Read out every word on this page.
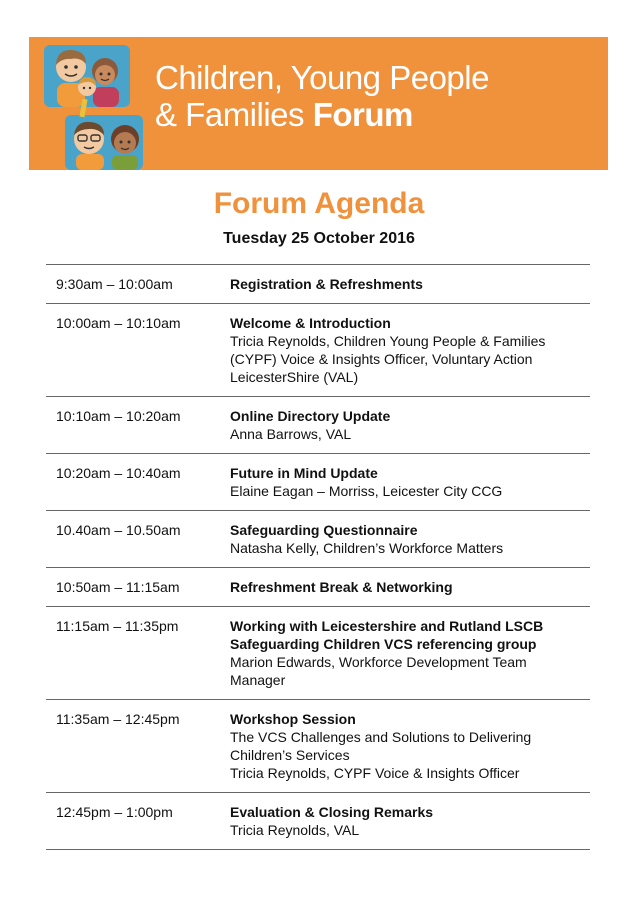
Children, Young People
& Families Forum
Forum Agenda
Tuesday 25 October 2016
9:30am – 10:00am	Registration & Refreshments
10:00am – 10:10am	Welcome & Introduction
Tricia Reynolds, Children Young People & Families
(CYPF) Voice & Insights Officer, Voluntary Action
LeicesterShire (VAL)
10:10am – 10:20am	Online Directory Update
Anna Barrows, VAL
10:20am – 10:40am	Future in Mind Update
Elaine Eagan – Morriss, Leicester City CCG
10.40am – 10.50am	Safeguarding Questionnaire
Natasha Kelly, Children’s Workforce Matters
10:50am – 11:15am	Refreshment Break & Networking
11:15am – 11:35pm	Working with Leicestershire and Rutland LSCB
Safeguarding Children VCS referencing group
Marion Edwards, Workforce Development Team
Manager
11:35am – 12:45pm	Workshop Session
The VCS Challenges and Solutions to Delivering
Children’s Services
Tricia Reynolds, CYPF Voice & Insights Officer
12:45pm – 1:00pm	Evaluation & Closing Remarks
Tricia Reynolds, VAL
